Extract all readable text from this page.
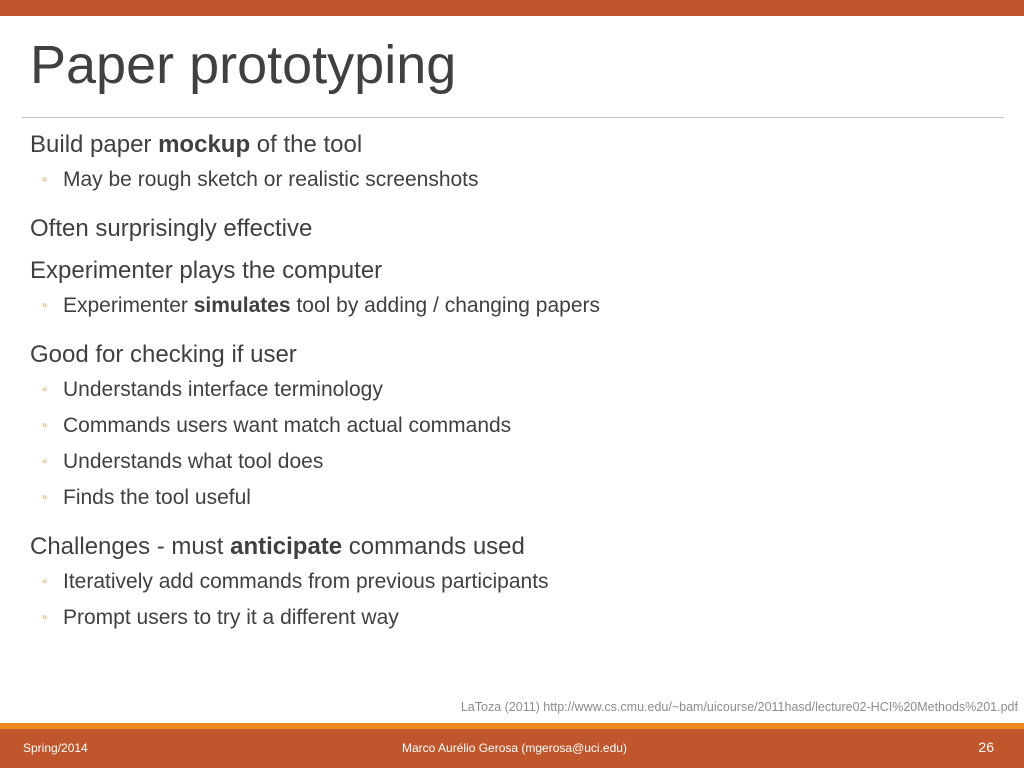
Paper prototyping
Build paper mockup of the tool
◦ May be rough sketch or realistic screenshots
Often surprisingly effective
Experimenter plays the computer
◦ Experimenter simulates tool by adding / changing papers
Good for checking if user
◦ Understands interface terminology
◦ Commands users want match actual commands
◦ Understands what tool does
◦ Finds the tool useful
Challenges - must anticipate commands used
◦ Iteratively add commands from previous participants
◦ Prompt users to try it a different way
LaToza (2011) http://www.cs.cmu.edu/~bam/uicourse/2011hasd/lecture02-HCI%20Methods%201.pdf
Spring/2014	Marco Aurélio Gerosa (mgerosa@uci.edu)	26
